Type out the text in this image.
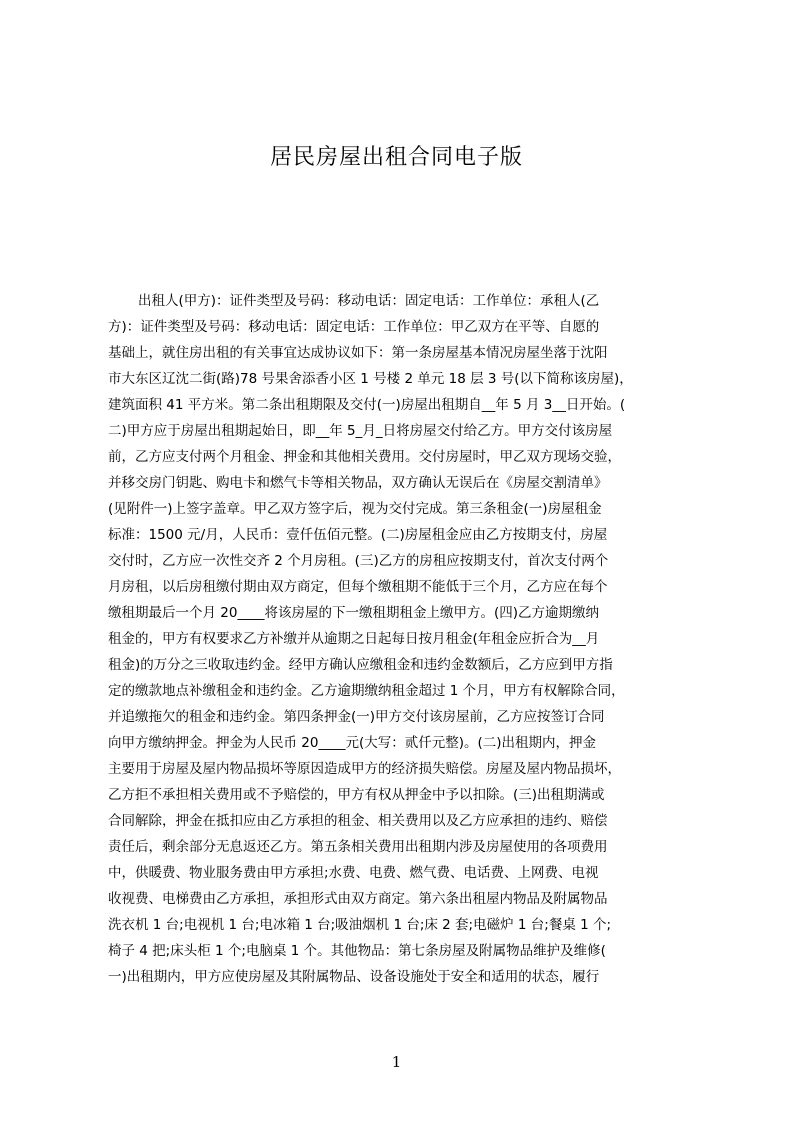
居民房屋出租合同电子版
出租人(甲方)：证件类型及号码：移动电话：固定电话：工作单位：承租人(乙
方)：证件类型及号码：移动电话：固定电话：工作单位：甲乙双方在平等、自愿的
基础上，就住房出租的有关事宜达成协议如下：第一条房屋基本情况房屋坐落于沈阳
市大东区辽沈二街(路)78 号果舍添香小区 1 号楼 2 单元 18 层 3 号(以下简称该房屋)，
建筑面积 41 平方米。第二条出租期限及交付(一)房屋出租期自__年 5 月 3__日开始。(
二)甲方应于房屋出租期起始日，即__年 5_月_日将房屋交付给乙方。甲方交付该房屋
前，乙方应支付两个月租金、押金和其他相关费用。交付房屋时，甲乙双方现场交验，
并移交房门钥匙、购电卡和燃气卡等相关物品，双方确认无误后在《房屋交割清单》
(见附件一)上签字盖章。甲乙双方签字后，视为交付完成。第三条租金(一)房屋租金
标准：1500 元/月，人民币：壹仟伍佰元整。(二)房屋租金应由乙方按期支付，房屋
交付时，乙方应一次性交齐 2 个月房租。(三)乙方的房租应按期支付，首次支付两个
月房租，以后房租缴付期由双方商定，但每个缴租期不能低于三个月，乙方应在每个
缴租期最后一个月 20____将该房屋的下一缴租期租金上缴甲方。(四)乙方逾期缴纳
租金的，甲方有权要求乙方补缴并从逾期之日起每日按月租金(年租金应折合为__月
租金)的万分之三收取违约金。经甲方确认应缴租金和违约金数额后，乙方应到甲方指
定的缴款地点补缴租金和违约金。乙方逾期缴纳租金超过 1 个月，甲方有权解除合同，
并追缴拖欠的租金和违约金。第四条押金(一)甲方交付该房屋前，乙方应按签订合同
向甲方缴纳押金。押金为人民币 20____元(大写：贰仟元整)。(二)出租期内，押金
主要用于房屋及屋内物品损坏等原因造成甲方的经济损失赔偿。房屋及屋内物品损坏，
乙方拒不承担相关费用或不予赔偿的，甲方有权从押金中予以扣除。(三)出租期满或
合同解除，押金在抵扣应由乙方承担的租金、相关费用以及乙方应承担的违约、赔偿
责任后，剩余部分无息返还乙方。第五条相关费用出租期内涉及房屋使用的各项费用
中，供暖费、物业服务费由甲方承担;水费、电费、燃气费、电话费、上网费、电视
收视费、电梯费由乙方承担，承担形式由双方商定。第六条出租屋内物品及附属物品
洗衣机 1 台;电视机 1 台;电冰箱 1 台;吸油烟机 1 台;床 2 套;电磁炉 1 台;餐桌 1 个;
椅子 4 把;床头柜 1 个;电脑桌 1 个。其他物品：第七条房屋及附属物品维护及维修(
一)出租期内，甲方应使房屋及其附属物品、设备设施处于安全和适用的状态，履行
1
